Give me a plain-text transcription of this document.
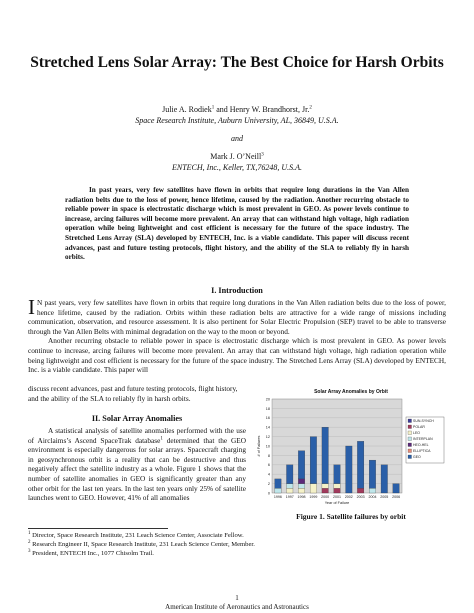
Stretched Lens Solar Array: The Best Choice for Harsh Orbits
Julie A. Rodiek$^1$ and Henry W. Brandhorst, Jr.$^2$
Space Research Institute, Auburn University, AL, 36849, U.S.A.
and
Mark J. O’Neill$^3$
ENTECH, Inc., Keller, TX,76248, U.S.A.
In past years, very few satellites have flown in orbits that require long durations in the Van Allen radiation belts due to the loss of power, hence lifetime, caused by the radiation. Another recurring obstacle to reliable power in space is electrostatic discharge which is most prevalent in GEO. As power levels continue to increase, arcing failures will become more prevalent. An array that can withstand high voltage, high radiation operation while being lightweight and cost efficient is necessary for the future of the space industry. The Stretched Lens Array (SLA) developed by ENTECH, Inc. is a viable candidate. This paper will discuss recent advances, past and future testing protocols, flight history, and the ability of the SLA to reliably fly in harsh orbits.
I. Introduction

I N past years, very few satellites have flown in orbits that require long durations in the Van Allen radiation belts due to the loss of power, hence lifetime, caused by the radiation. Orbits within these radiation belts are attractive for a wide range of missions including communication, observation, and resource assessment. It is also pertinent for Solar Electric Propulsion (SEP) travel to be able to transverse through the Van Allen Belts with minimal degradation on the way to the moon or beyond.

Another recurring obstacle to reliable power in space is electrostatic discharge which is most prevalent in GEO. As power levels continue to increase, arcing failures will become more prevalent. An array that can withstand high voltage, high radiation operation while being lightweight and cost efficient is necessary for the future of the space industry. The Stretched Lens Array (SLA) developed by ENTECH, Inc. is a viable candidate. This paper will

discuss recent advances, past and future testing protocols, flight history, and the ability of the SLA to reliably fly in harsh orbits.
II. Solar Array Anomalies
A statistical analysis of satellite anomalies performed with the use of Airclaims’s Ascend SpaceTrak database$^1$ determined that the GEO environment is especially dangerous for solar arrays. Spacecraft charging in geosynchronous orbit is a reality that can be destructive and thus negatively affect the satellite industry as a whole. Figure 1 shows that the number of satellite anomalies in GEO is significantly greater than any other orbit for the last ten years. In the last ten years only 25% of satellite launches went to GEO. However, 41% of all anomalies
Solar Array Anomalies by Orbit
0
2
4
6
8
10
12
14
16
18
20
# of Failures
1996 1997 1998 1999 2000 2001 2002 2003 2004 2005 2006
Year of Failure
SUN-SYNCH
POLAR
LEO
INTERPLAN
HEO-HEL
ELLIPTICA
GEO
Figure 1. Satellite failures by orbit
$^1$ Director, Space Research Institute, 231 Leach Science Center, Associate Fellow.
$^2$ Research Engineer II, Space Research Institute, 231 Leach Science Center, Member.
$^3$ President, ENTECH Inc., 1077 Chisolm Trail.
1
American Institute of Aeronautics and Astronautics
